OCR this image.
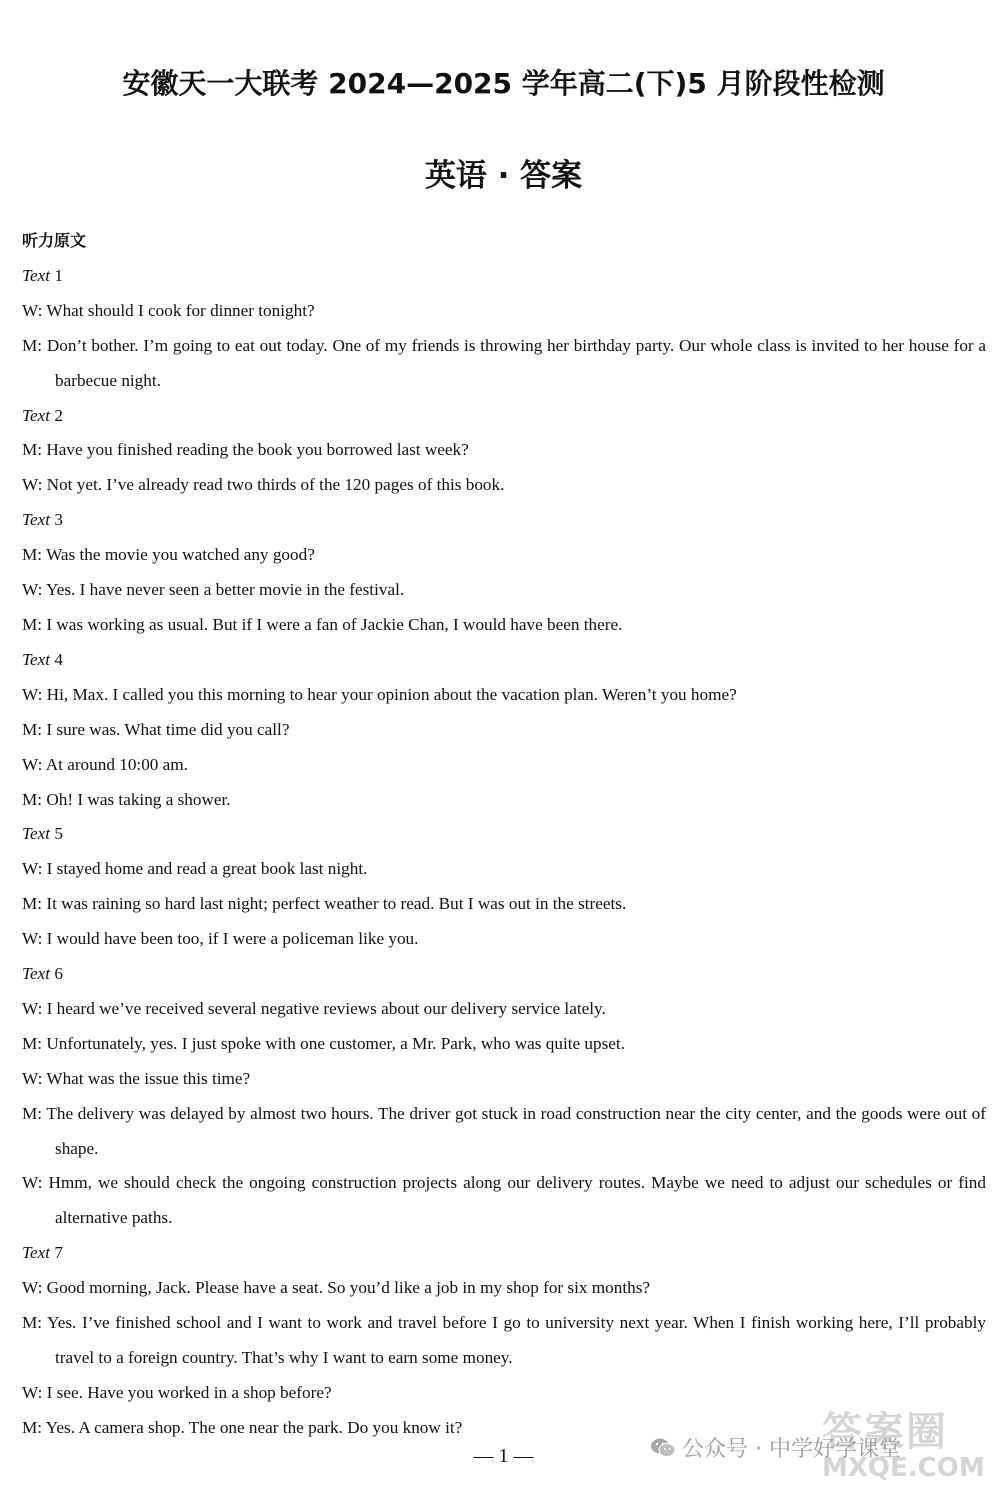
安徽天一大联考 2024—2025 学年高二(下)5 月阶段性检测
英语 · 答案
听力原文
Text 1
W: What should I cook for dinner tonight?
M: Don’t bother. I’m going to eat out today. One of my friends is throwing her birthday party. Our whole class is invited to her house for a barbecue night.
Text 2
M: Have you finished reading the book you borrowed last week?
W: Not yet. I’ve already read two thirds of the 120 pages of this book.
Text 3
M: Was the movie you watched any good?
W: Yes. I have never seen a better movie in the festival.
M: I was working as usual. But if I were a fan of Jackie Chan, I would have been there.
Text 4
W: Hi, Max. I called you this morning to hear your opinion about the vacation plan. Weren’t you home?
M: I sure was. What time did you call?
W: At around 10:00 am.
M: Oh! I was taking a shower.
Text 5
W: I stayed home and read a great book last night.
M: It was raining so hard last night; perfect weather to read. But I was out in the streets.
W: I would have been too, if I were a policeman like you.
Text 6
W: I heard we’ve received several negative reviews about our delivery service lately.
M: Unfortunately, yes. I just spoke with one customer, a Mr. Park, who was quite upset.
W: What was the issue this time?
M: The delivery was delayed by almost two hours. The driver got stuck in road construction near the city center, and the goods were out of shape.
W: Hmm, we should check the ongoing construction projects along our delivery routes. Maybe we need to adjust our schedules or find alternative paths.
Text 7
W: Good morning, Jack. Please have a seat. So you’d like a job in my shop for six months?
M: Yes. I’ve finished school and I want to work and travel before I go to university next year. When I finish working here, I’ll probably travel to a foreign country. That’s why I want to earn some money.
W: I see. Have you worked in a shop before?
M: Yes. A camera shop. The one near the park. Do you know it?
— 1 —	公众号 · 中学好学课堂
答案圈
MXQE.COM
